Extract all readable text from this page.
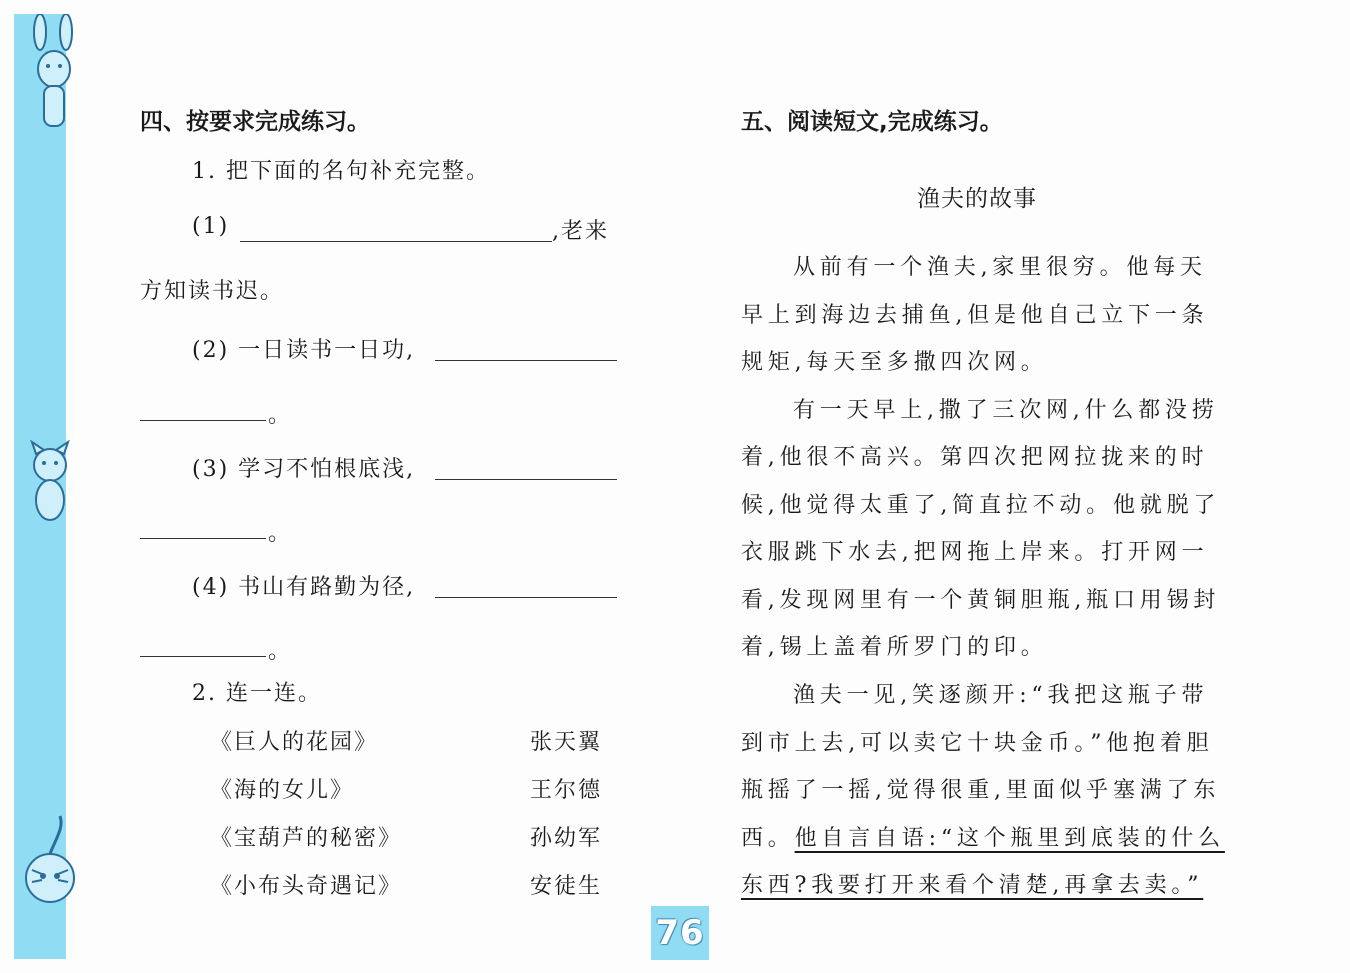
四、按要求完成练习。
1. 把下面的名句补充完整。
(1)	,老来
方知读书迟。
(2) 一日读书一日功,
。
(3) 学习不怕根底浅,
。
(4) 书山有路勤为径,
。
2. 连一连。
《巨人的花园》	张天翼
《海的女儿》	王尔德
《宝葫芦的秘密》	孙幼军
《小布头奇遇记》	安徒生
五、阅读短文,完成练习。
渔夫的故事
从前有一个渔夫,家里很穷。他每天
早上到海边去捕鱼,但是他自己立下一条
规矩,每天至多撒四次网。
有一天早上,撒了三次网,什么都没捞
着,他很不高兴。第四次把网拉拢来的时
候,他觉得太重了,简直拉不动。他就脱了
衣服跳下水去,把网拖上岸来。打开网一
看,发现网里有一个黄铜胆瓶,瓶口用锡封
着,锡上盖着所罗门的印。
渔夫一见,笑逐颜开:“我把这瓶子带
到市上去,可以卖它十块金币。”他抱着胆
瓶摇了一摇,觉得很重,里面似乎塞满了东
西。他自言自语:“这个瓶里到底装的什么
东西?我要打开来看个清楚,再拿去卖。”
76
